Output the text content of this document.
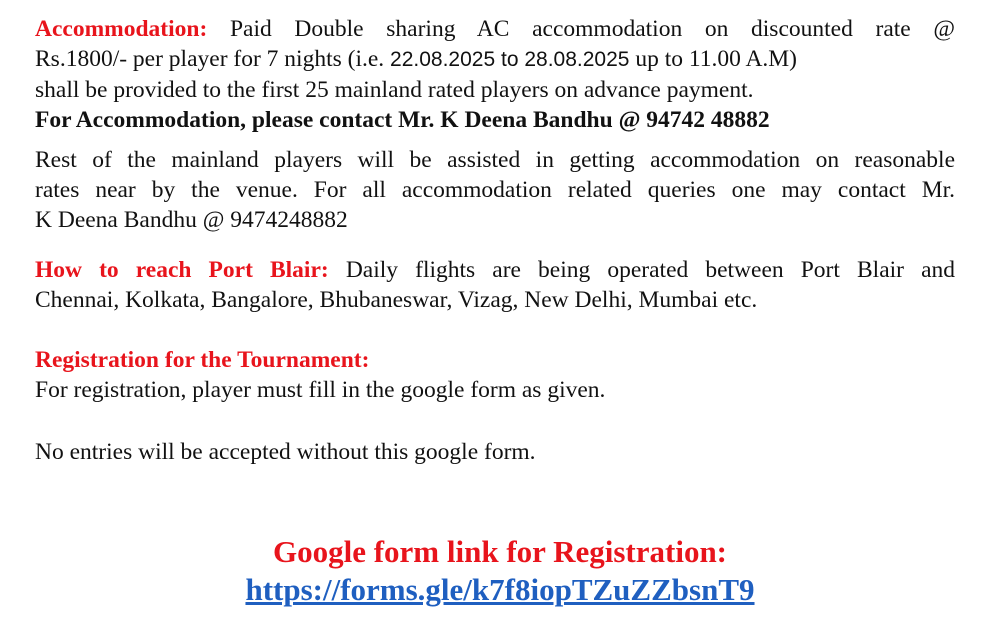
Accommodation: Paid Double sharing AC accommodation on discounted rate @
Rs.1800/- per player for 7 nights (i.e. 22.08.2025 to 28.08.2025 up to 11.00 A.M)
shall be provided to the first 25 mainland rated players on advance payment.
For Accommodation, please contact Mr. K Deena Bandhu @ 94742 48882
Rest of the mainland players will be assisted in getting accommodation on reasonable
rates near by the venue. For all accommodation related queries one may contact Mr.
K Deena Bandhu @ 9474248882
How to reach Port Blair: Daily flights are being operated between Port Blair and
Chennai, Kolkata, Bangalore, Bhubaneswar, Vizag, New Delhi, Mumbai etc.
Registration for the Tournament:
For registration, player must fill in the google form as given.
No entries will be accepted without this google form.
Google form link for Registration:
https://forms.gle/k7f8iopTZuZZbsnT9
